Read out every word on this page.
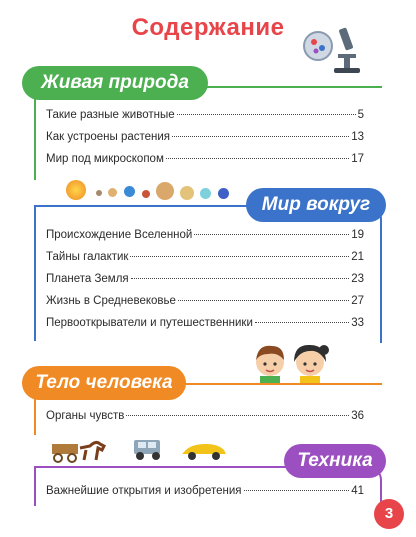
Содержание
Живая природа
Такие разные животные	5
Как устроены растения	13
Мир под микроскопом	17
Мир вокруг
Происхождение Вселенной	19
Тайны галактик	21
Планета Земля	23
Жизнь в Средневековье	27
Первооткрыватели и путешественники	33
Тело человека
Органы чувств	36
Техника
Важнейшие открытия и изобретения	41
3
